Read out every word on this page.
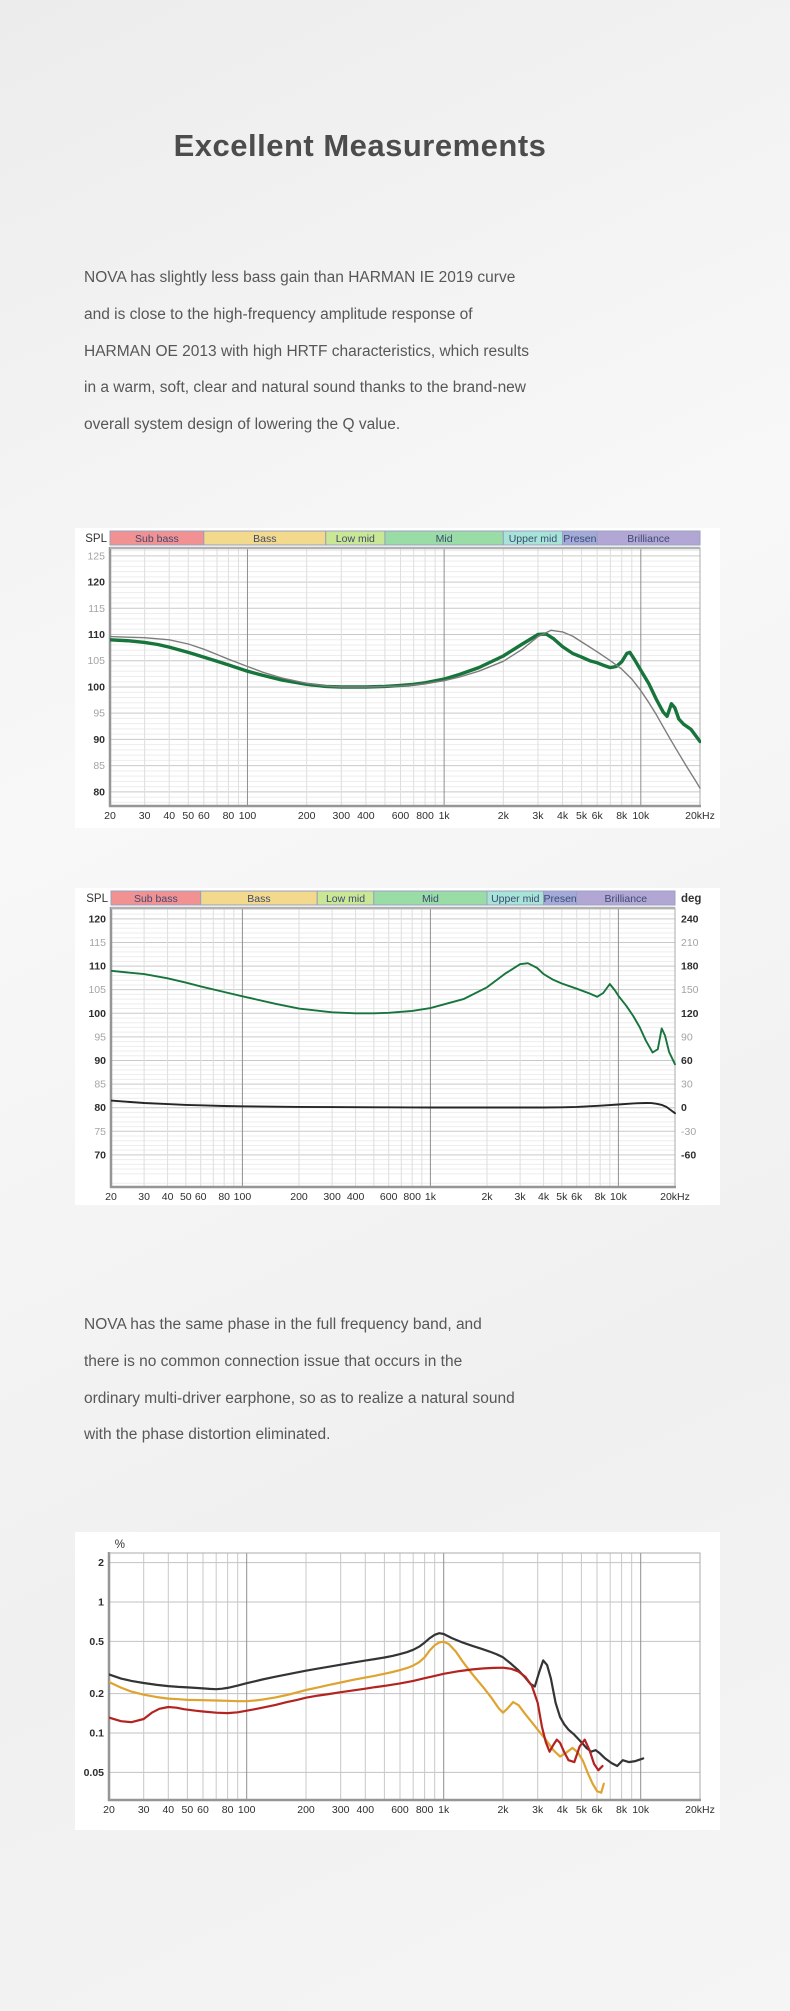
Excellent Measurements
NOVA has slightly less bass gain than HARMAN IE 2019 curve
and is close to the high-frequency amplitude response of
HARMAN OE 2013 with high HRTF characteristics, which results
in a warm, soft, clear and natural sound thanks to the brand-new
overall system design of lowering the Q value.
Sub bass	Bass	Low mid	Mid	Upper mid Presen	Brilliance
SPL
125
120
115
110
105
100
95
90
85
80
20 30 40 50 60 80 100	200 300 400 600 800 1k	2k 3k 4k 5k 6k 8k 10k	20kHz
Sub bass	Bass	Low mid	Mid	Upper mid Presen	Brilliance
SPL	deg
120
115
110
105
100
95
90
85
80
75
70
240
210
180
150
120
90
60
30
0
-30
-60
20 30 40 50 60 80 100	200 300 400 600 800 1k	2k 3k 4k 5k 6k 8k 10k	20kHz
NOVA has the same phase in the full frequency band, and
there is no common connection issue that occurs in the
ordinary multi-driver earphone, so as to realize a natural sound
with the phase distortion eliminated.
%
2
1
0.5
0.2
0.1
0.05
20 30 40 50 60 80 100	200 300 400 600 800 1k	2k 3k 4k 5k 6k 8k 10k	20kHz
